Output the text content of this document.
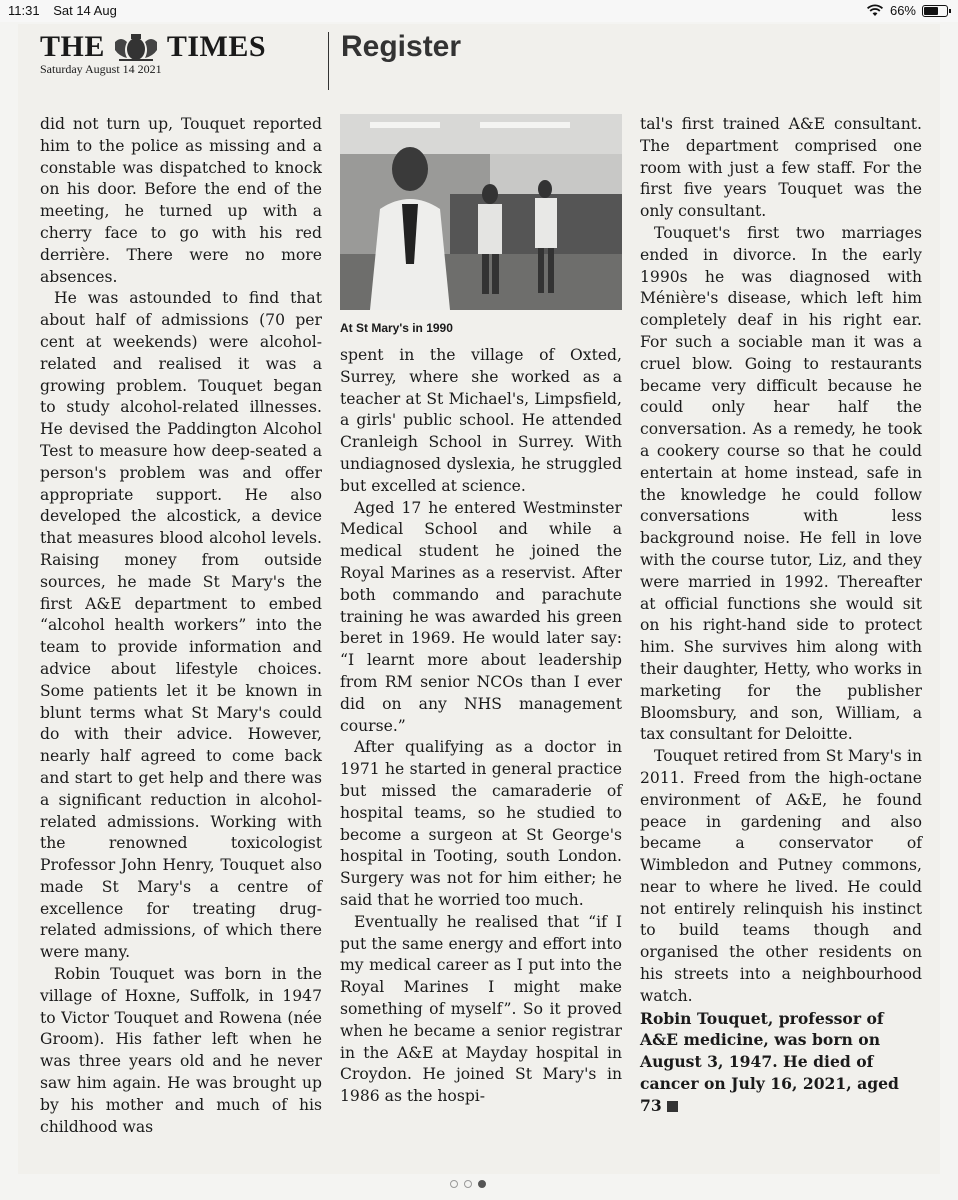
11:31 Sat 14 Aug	66%
THE TIMES
Saturday August 14 2021
Register

did not turn up, Touquet reported him to the police as missing and a constable was dispatched to knock on his door. Before the end of the meeting, he turned up with a cherry face to go with his red derrière. There were no more absences.

He was astounded to find that about half of admissions (70 per cent at weekends) were alcohol-related and realised it was a growing problem. Touquet began to study alcohol-related illnesses. He devised the Paddington Alcohol Test to measure how deep-seated a person's problem was and offer appropriate support. He also developed the alcostick, a device that measures blood alcohol levels. Raising money from outside sources, he made St Mary's the first A&E department to embed “alcohol health workers” into the team to provide information and advice about lifestyle choices. Some patients let it be known in blunt terms what St Mary's could do with their advice. However, nearly half agreed to come back and start to get help and there was a significant reduction in alcohol-related admissions. Working with the renowned toxicologist Professor John Henry, Touquet also made St Mary's a centre of excellence for treating drug-related admissions, of which there were many.

Robin Touquet was born in the village of Hoxne, Suffolk, in 1947 to Victor Touquet and Rowena (née Groom). His father left when he was three years old and he never saw him again. He was brought up by his mother and much of his childhood was

At St Mary's in 1990

spent in the village of Oxted, Surrey, where she worked as a teacher at St Michael's, Limpsfield, a girls' public school. He attended Cranleigh School in Surrey. With undiagnosed dyslexia, he struggled but excelled at science.

Aged 17 he entered Westminster Medical School and while a medical student he joined the Royal Marines as a reservist. After both commando and parachute training he was awarded his green beret in 1969. He would later say: “I learnt more about leadership from RM senior NCOs than I ever did on any NHS management course.”

After qualifying as a doctor in 1971 he started in general practice but missed the camaraderie of hospital teams, so he studied to become a surgeon at St George's hospital in Tooting, south London. Surgery was not for him either; he said that he worried too much.

Eventually he realised that “if I put the same energy and effort into my medical career as I put into the Royal Marines I might make something of myself”. So it proved when he became a senior registrar in the A&E at Mayday hospital in Croydon. He joined St Mary's in 1986 as the hospi-

tal's first trained A&E consultant. The department comprised one room with just a few staff. For the first five years Touquet was the only consultant.

Touquet's first two marriages ended in divorce. In the early 1990s he was diagnosed with Ménière's disease, which left him completely deaf in his right ear. For such a sociable man it was a cruel blow. Going to restaurants became very difficult because he could only hear half the conversation. As a remedy, he took a cookery course so that he could entertain at home instead, safe in the knowledge he could follow conversations with less background noise. He fell in love with the course tutor, Liz, and they were married in 1992. Thereafter at official functions she would sit on his right-hand side to protect him. She survives him along with their daughter, Hetty, who works in marketing for the publisher Bloomsbury, and son, William, a tax consultant for Deloitte.

Touquet retired from St Mary's in 2011. Freed from the high-octane environment of A&E, he found peace in gardening and also became a conservator of Wimbledon and Putney commons, near to where he lived. He could not entirely relinquish his instinct to build teams though and organised the other residents on his streets into a neighbourhood watch.

Robin Touquet, professor of A&E medicine, was born on August 3, 1947. He died of cancer on July 16, 2021, aged 73
